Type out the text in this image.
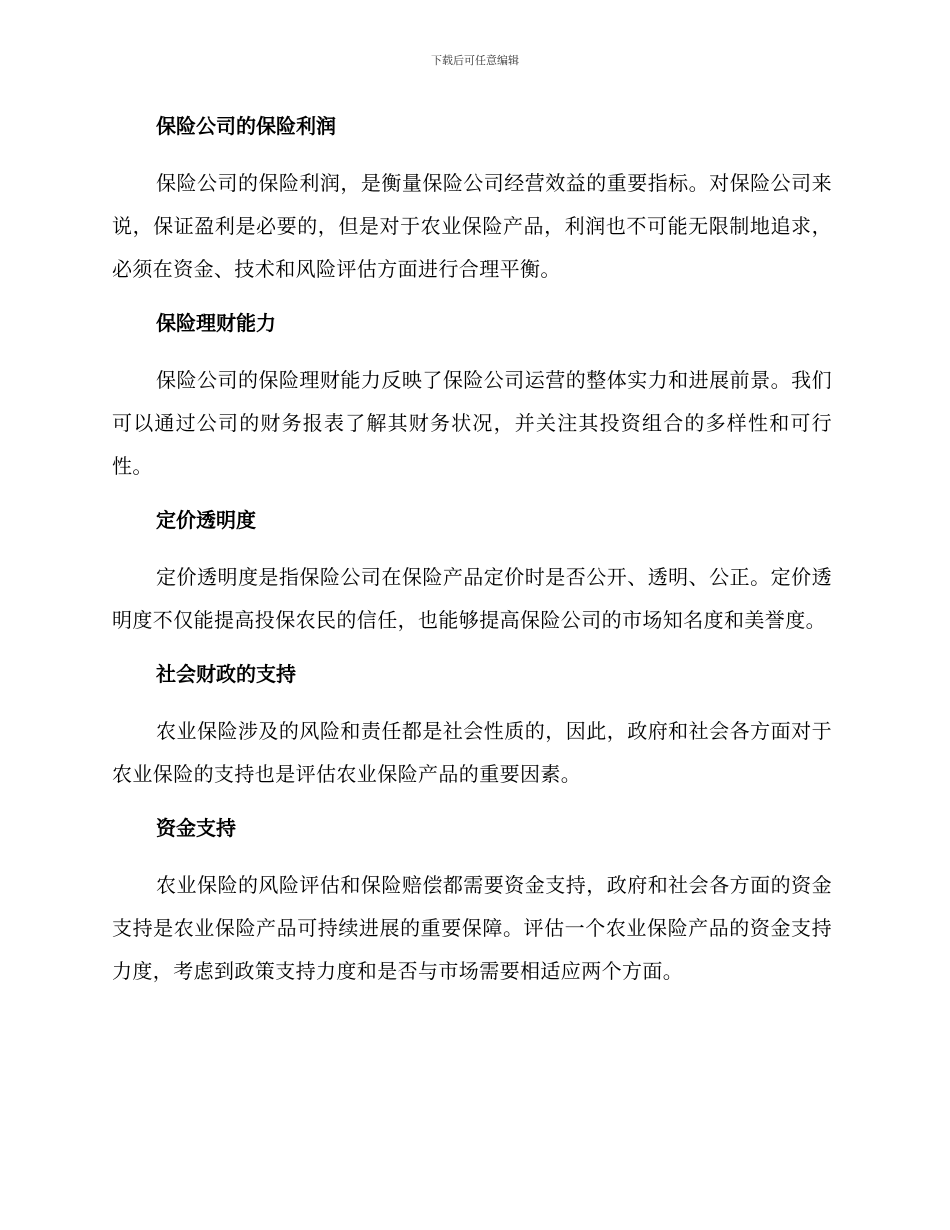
下载后可任意编辑
保险公司的保险利润

保险公司的保险利润，是衡量保险公司经营效益的重要指标。对保险公司来说，保证盈利是必要的，但是对于农业保险产品，利润也不可能无限制地追求，必须在资金、技术和风险评估方面进行合理平衡。

保险理财能力

保险公司的保险理财能力反映了保险公司运营的整体实力和进展前景。我们可以通过公司的财务报表了解其财务状况，并关注其投资组合的多样性和可行性。

定价透明度

定价透明度是指保险公司在保险产品定价时是否公开、透明、公正。定价透明度不仅能提高投保农民的信任，也能够提高保险公司的市场知名度和美誉度。

社会财政的支持

农业保险涉及的风险和责任都是社会性质的，因此，政府和社会各方面对于农业保险的支持也是评估农业保险产品的重要因素。

资金支持

农业保险的风险评估和保险赔偿都需要资金支持，政府和社会各方面的资金支持是农业保险产品可持续进展的重要保障。评估一个农业保险产品的资金支持力度，考虑到政策支持力度和是否与市场需要相适应两个方面。
